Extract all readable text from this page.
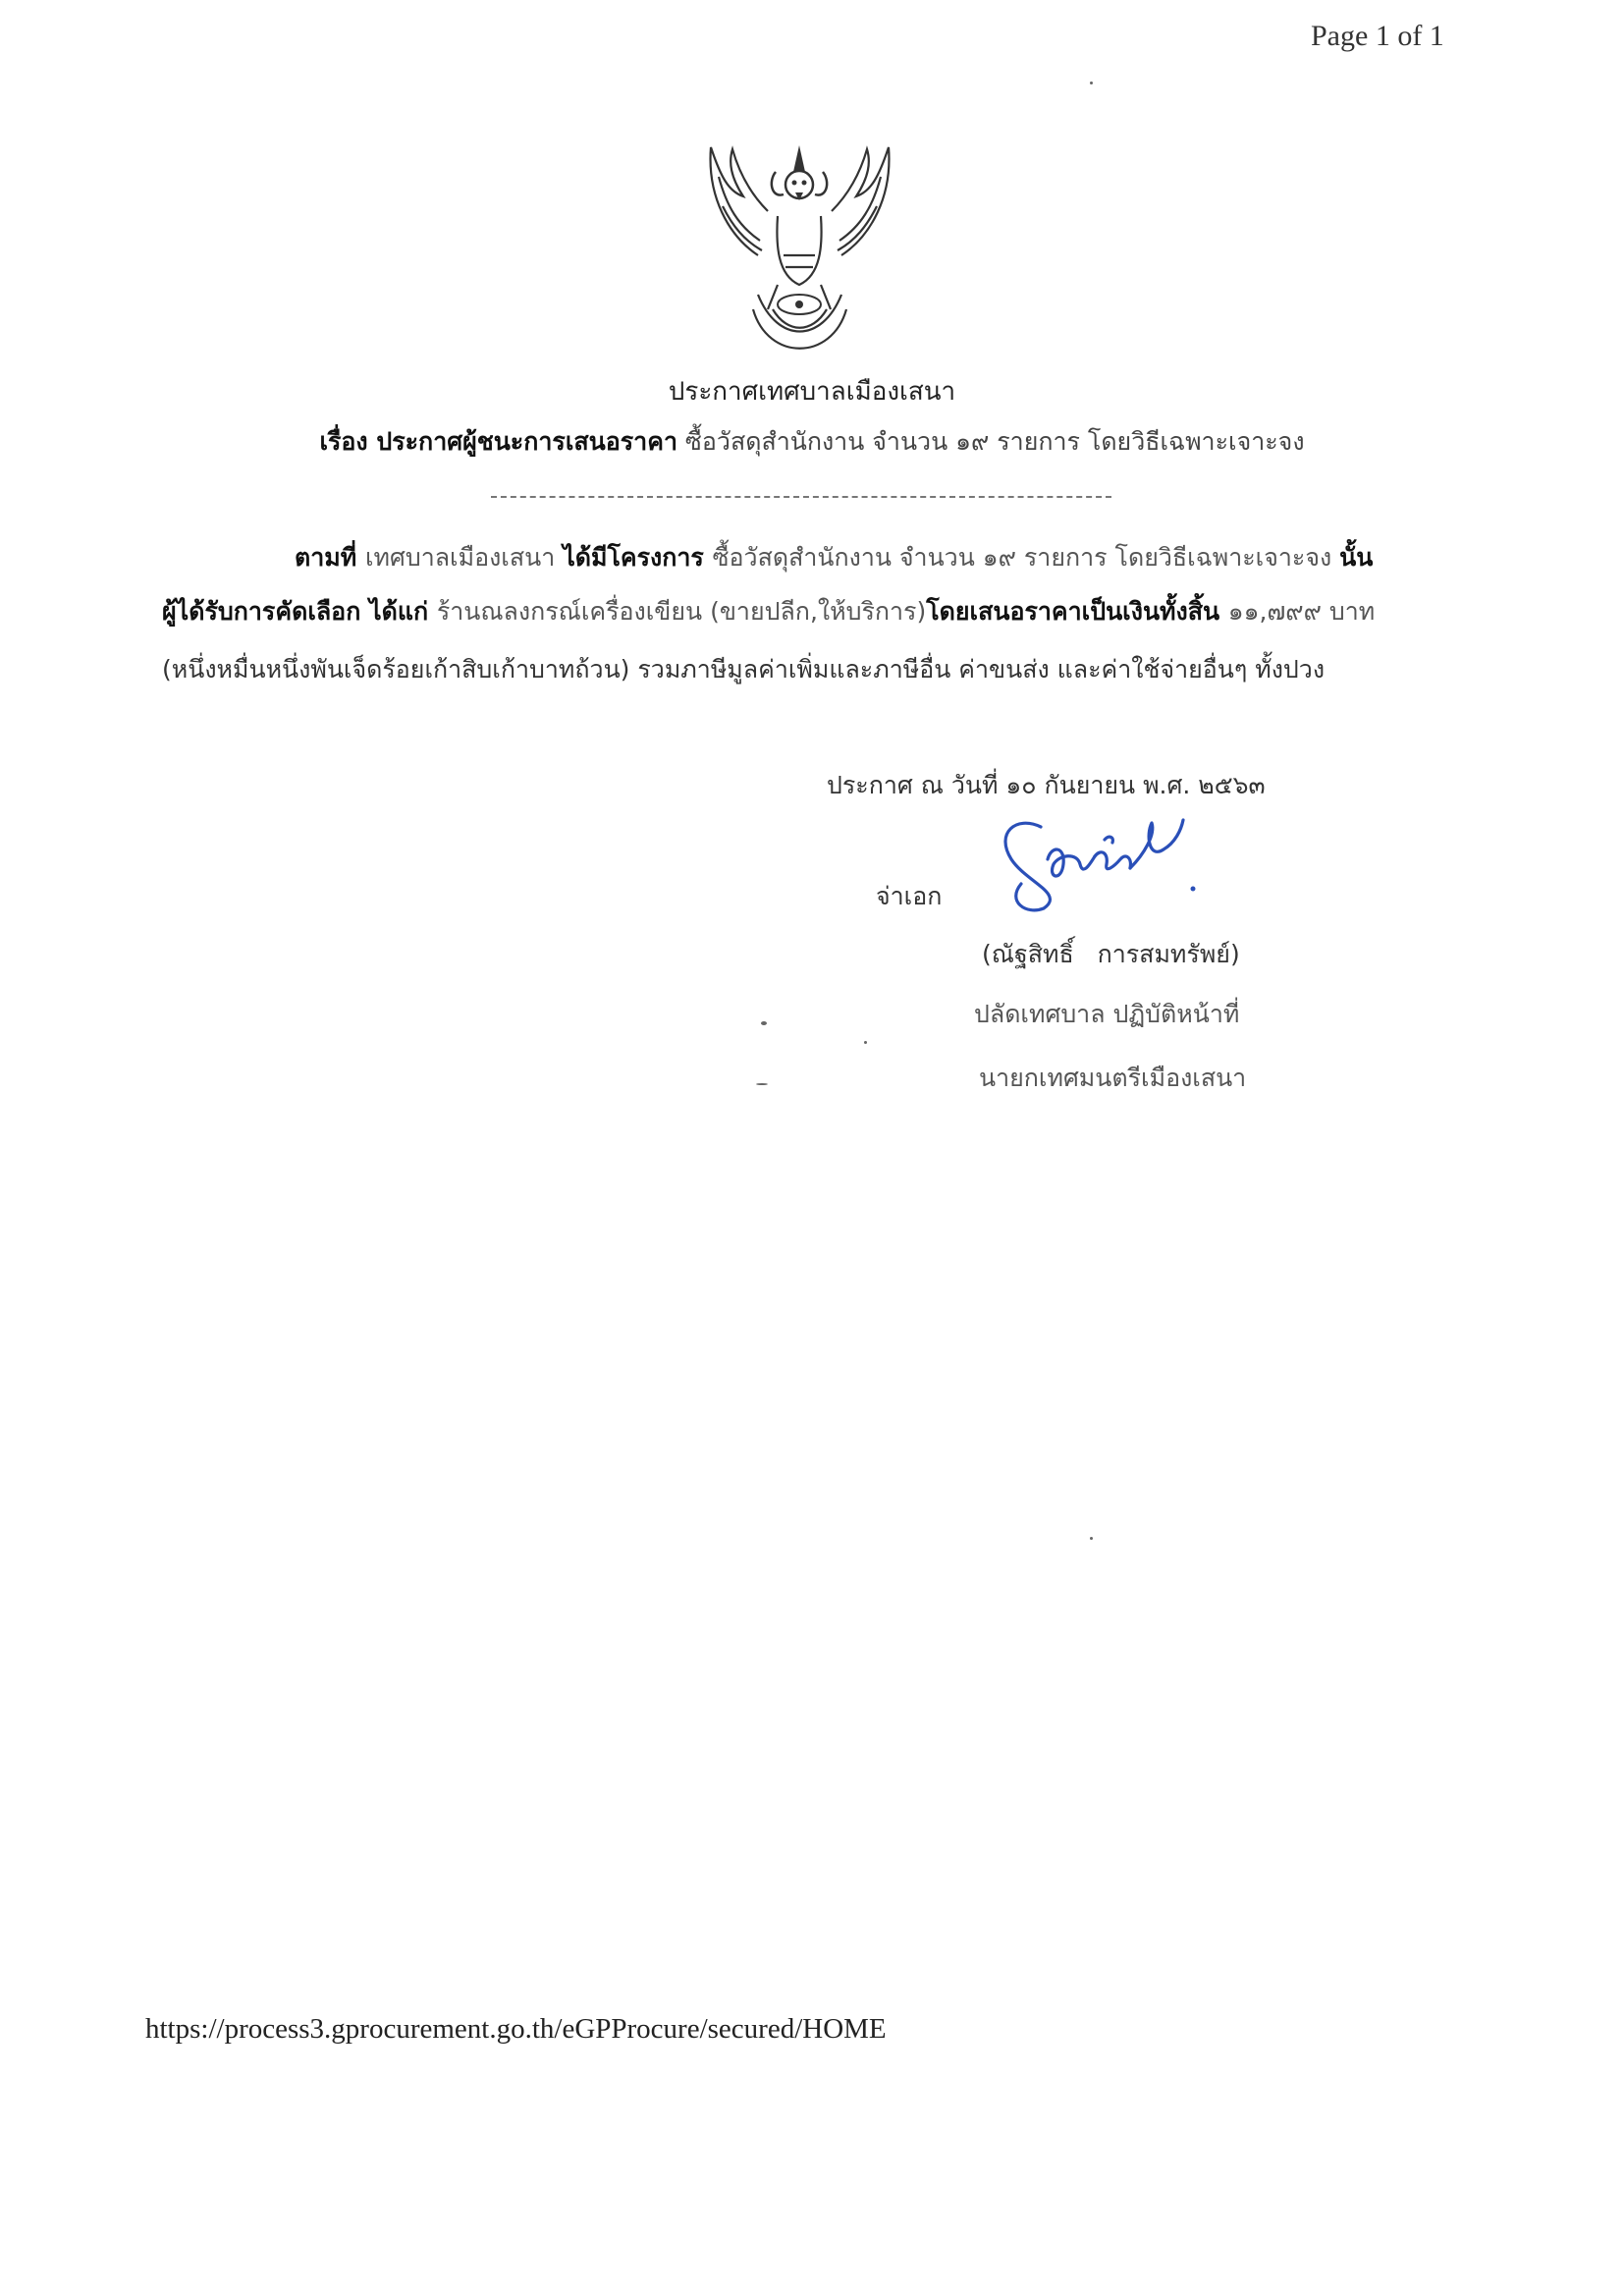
Page 1 of 1
ประกาศเทศบาลเมืองเสนา
เรื่อง ประกาศผู้ชนะการเสนอราคา ซื้อวัสดุสำนักงาน จำนวน ๑๙ รายการ โดยวิธีเฉพาะเจาะจง
ตามที่ เทศบาลเมืองเสนา ได้มีโครงการ ซื้อวัสดุสำนักงาน จำนวน ๑๙ รายการ โดยวิธีเฉพาะเจาะจง นั้น
ผู้ได้รับการคัดเลือก ได้แก่ ร้านณลงกรณ์เครื่องเขียน (ขายปลีก,ให้บริการ)โดยเสนอราคาเป็นเงินทั้งสิ้น ๑๑,๗๙๙ บาท
(หนึ่งหมื่นหนึ่งพันเจ็ดร้อยเก้าสิบเก้าบาทถ้วน) รวมภาษีมูลค่าเพิ่มและภาษีอื่น ค่าขนส่ง และค่าใช้จ่ายอื่นๆ ทั้งปวง
ประกาศ ณ วันที่ ๑๐ กันยายน พ.ศ. ๒๕๖๓
จ่าเอก
(ณัฐสิทธิ์   การสมทรัพย์)
ปลัดเทศบาล ปฏิบัติหน้าที่
นายกเทศมนตรีเมืองเสนา
https://process3.gprocurement.go.th/eGPProcure/secured/HOME
